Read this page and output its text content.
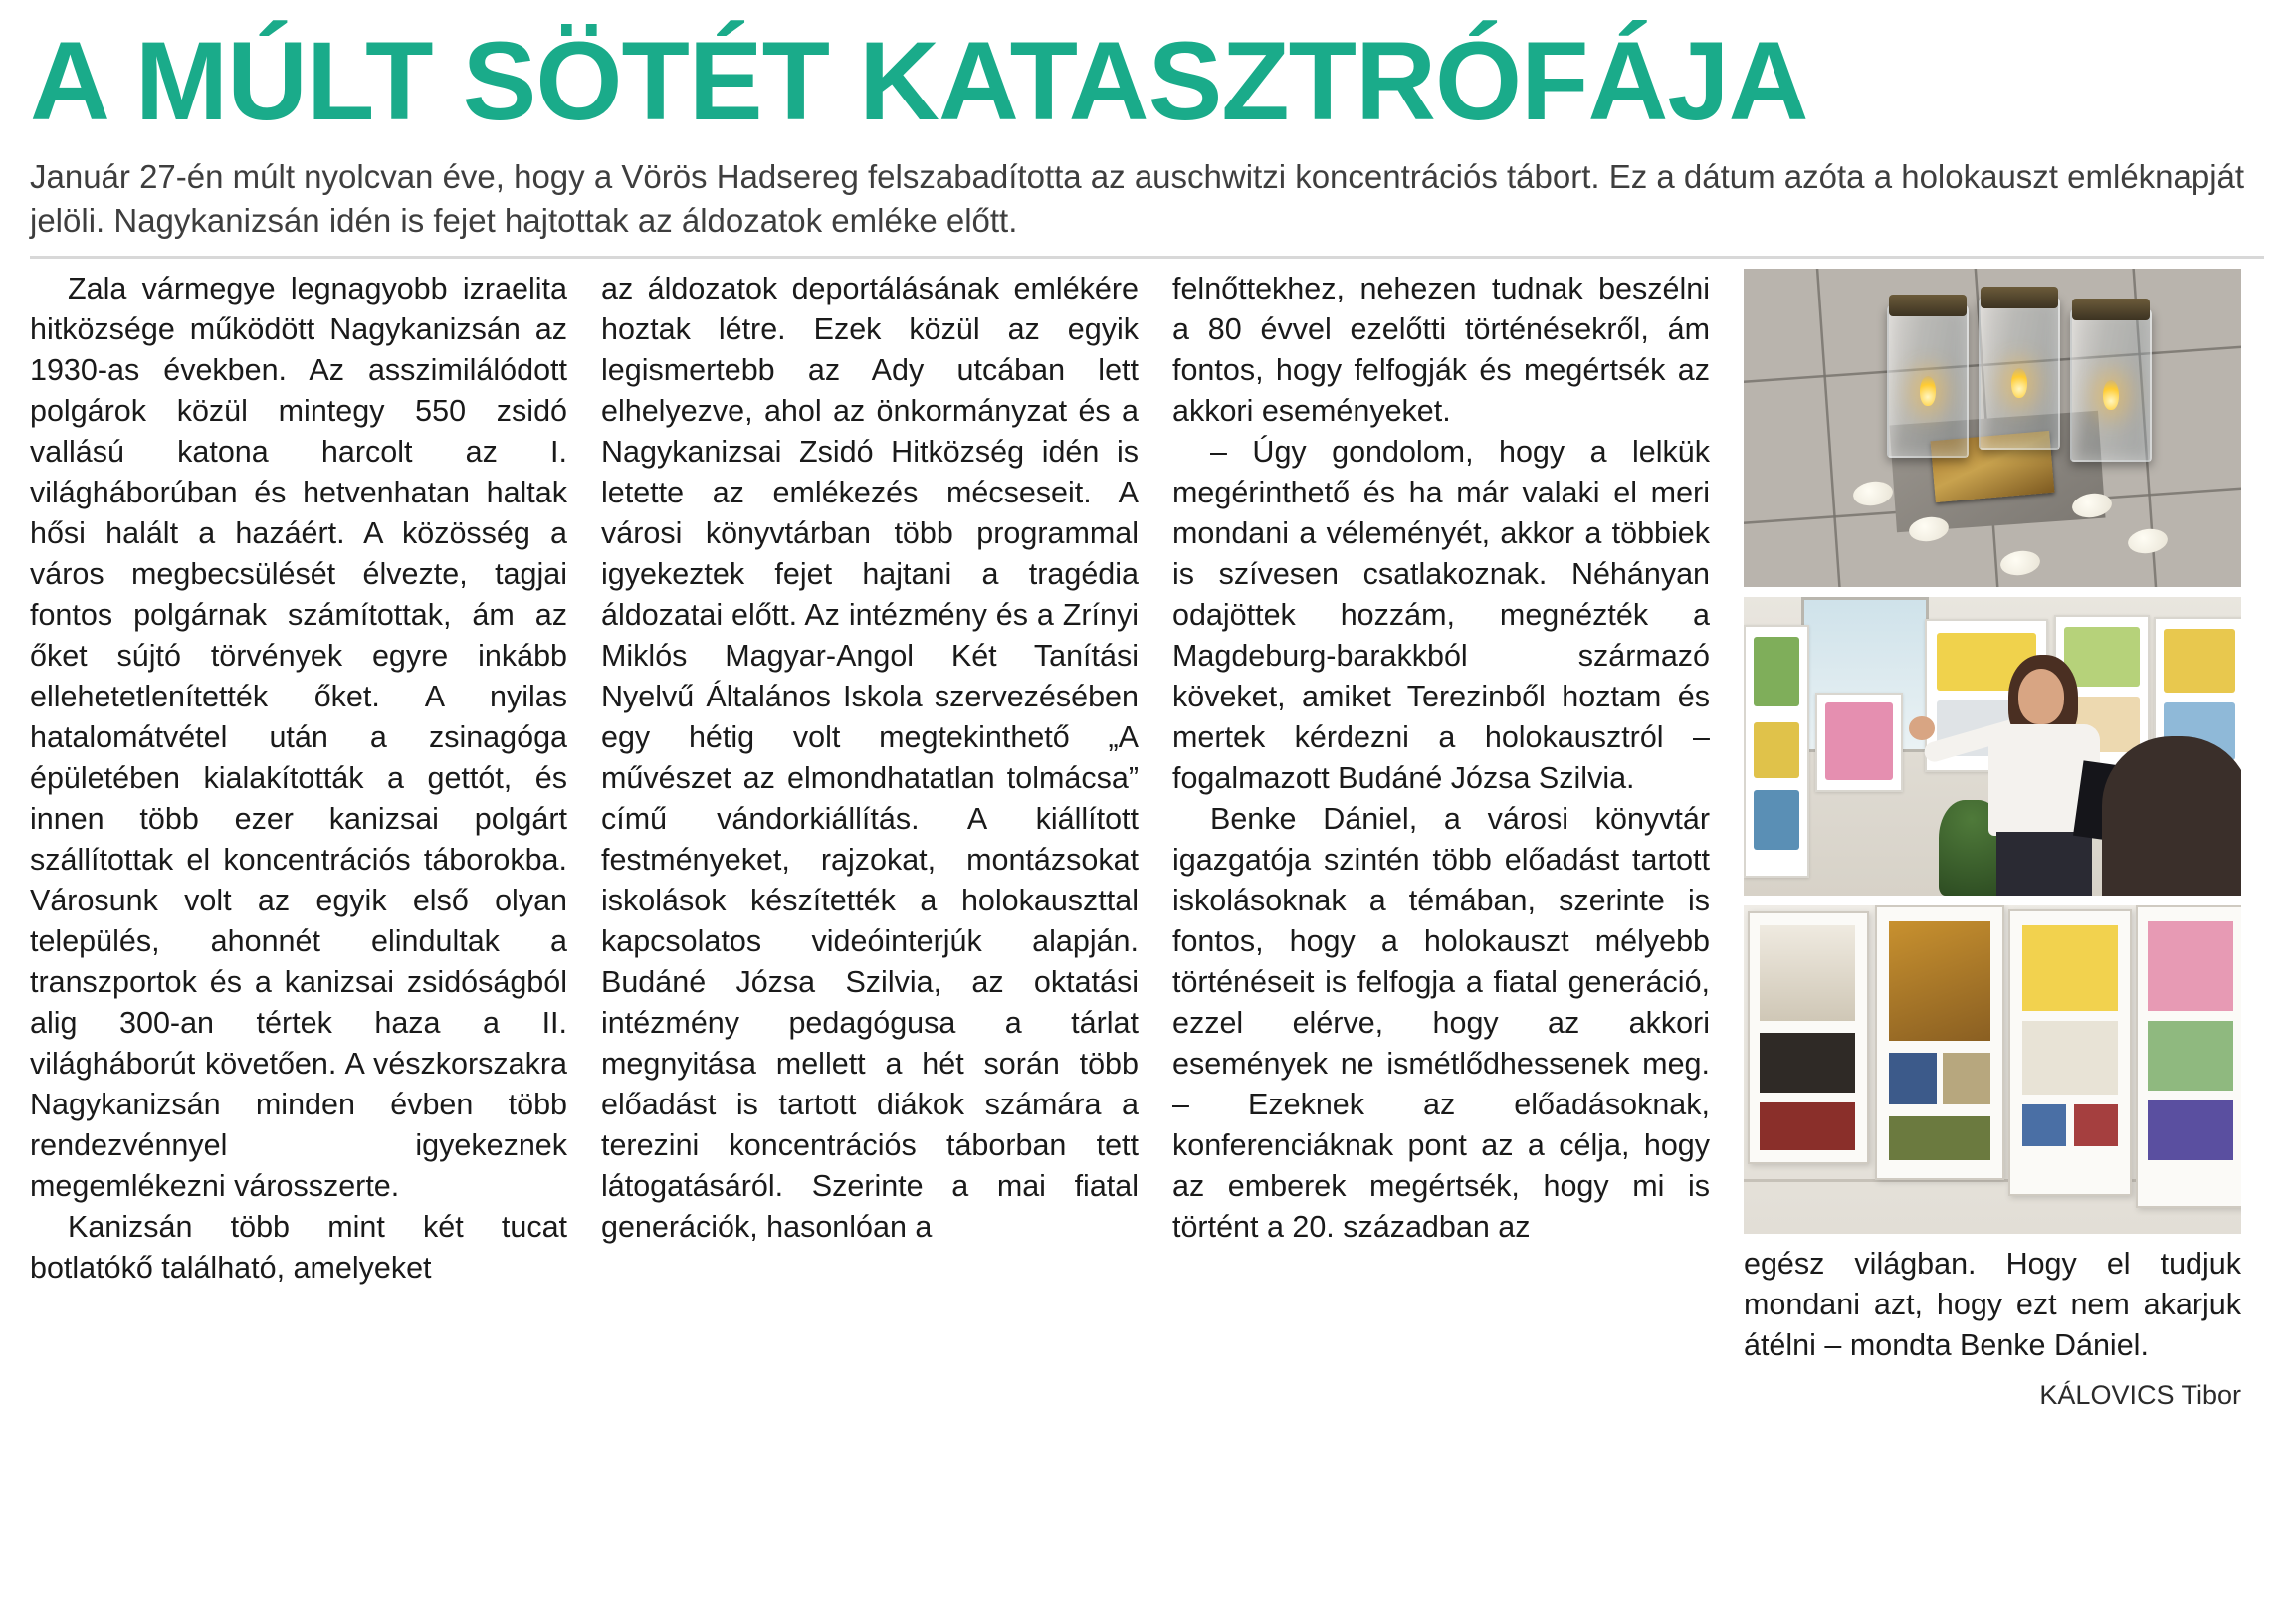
A MÚLT SÖTÉT KATASZTRÓFÁJA
Január 27-én múlt nyolcvan éve, hogy a Vörös Hadsereg felszabadította az auschwitzi koncentrációs tábort. Ez a dátum azóta a holokauszt emléknapját jelöli. Nagykanizsán idén is fejet hajtottak az áldozatok emléke előtt.

Zala vármegye legnagyobb izraelita hitközsége működött Nagykanizsán az 1930-as években. Az asszimilálódott polgárok közül mintegy 550 zsidó vallású katona harcolt az I. világháborúban és hetvenhatan haltak hősi halált a hazáért. A közösség a város megbecsülését élvezte, tagjai fontos polgárnak számítottak, ám az őket sújtó törvények egyre inkább ellehetetlenítették őket. A nyilas hatalomátvétel után a zsinagóga épületében kialakították a gettót, és innen több ezer kanizsai polgárt szállítottak el koncentrációs táborokba. Városunk volt az egyik első olyan település, ahonnét elindultak a transzportok és a kanizsai zsidóságból alig 300-an tértek haza a II. világháborút követően. A vészkorszakra Nagykanizsán minden évben több rendezvénnyel igyekeznek megemlékezni városszerte.

Kanizsán több mint két tucat botlatókő található, amelyeket

az áldozatok deportálásának emlékére hoztak létre. Ezek közül az egyik legismertebb az Ady utcában lett elhelyezve, ahol az önkormányzat és a Nagykanizsai Zsidó Hitközség idén is letette az emlékezés mécseseit. A városi könyvtárban több programmal igyekeztek fejet hajtani a tragédia áldozatai előtt. Az intézmény és a Zrínyi Miklós Magyar-Angol Két Tanítási Nyelvű Általános Iskola szervezésében egy hétig volt megtekinthető „A művészet az elmondhatatlan tolmácsa” című vándorkiállítás. A kiállított festményeket, rajzokat, montázsokat iskolások készítették a holokauszttal kapcsolatos videóinterjúk alapján. Budáné Józsa Szilvia, az oktatási intézmény pedagógusa a tárlat megnyitása mellett a hét során több előadást is tartott diákok számára a terezini koncentrációs táborban tett látogatásáról. Szerinte a mai fiatal generációk, hasonlóan a

felnőttekhez, nehezen tudnak beszélni a 80 évvel ezelőtti történésekről, ám fontos, hogy felfogják és megértsék az akkori eseményeket.

– Úgy gondolom, hogy a lelkük megérinthető és ha már valaki el meri mondani a véleményét, akkor a többiek is szívesen csatlakoznak. Néhányan odajöttek hozzám, megnézték a Magdeburg-barakkból származó köveket, amiket Terezinből hoztam és mertek kérdezni a holokausztról – fogalmazott Budáné Józsa Szilvia.

Benke Dániel, a városi könyvtár igazgatója szintén több előadást tartott iskolásoknak a témában, szerinte is fontos, hogy a holokauszt mélyebb történéseit is felfogja a fiatal generáció, ezzel elérve, hogy az akkori események ne ismétlődhessenek meg. – Ezeknek az előadásoknak, konferenciáknak pont az a célja, hogy az emberek megértsék, hogy mi is történt a 20. században az

egész világban. Hogy el tudjuk mondani azt, hogy ezt nem akarjuk átélni – mondta Benke Dániel.
KÁLOVICS Tibor
